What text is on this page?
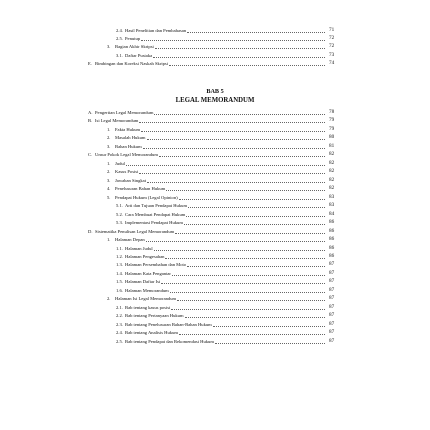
BAB 5
LEGAL MEMORANDUM
2.4. Hasil Penelitian dan Pembahasan	71
2.5. Penutup	72
3. Bagian Akhir Skripsi	72
3.1. Daftar Pustaka	73
E. Bimbingan dan Koreksi Naskah Skripsi	74
A. Pengertian Legal Memorandum	78
B. Isi Legal Memorandum	79
1. Fakta Hukum	79
2. Masalah Hukum	80
3. Bahan Hukum	81
C. Unsur Pokok Legal Memorandum	82
1. Judul	82
2. Kasus Posisi	82
3. Jawaban Singkat	82
4. Penelusuran Bahan Hukum	82
5. Pendapat Hukum (Legal Opinion)	83
5.1. Arti dan Tujuan Pendapat Hukum	83
5.2. Cara Membuat Pendapat Hukum	84
5.3. Implementasi Pendapat Hukum	86
D. Sistematika Penulisan Legal Memorandum	86
1. Halaman Depan	86
1.1. Halaman Judul	86
1.2. Halaman Pengesahan	86
1.3. Halaman Persembahan dan Moto	87
1.4. Halaman Kata Pengantar	87
1.5. Halaman Daftar Isi	87
1.6. Halaman Memorandum	87
2. Halaman Isi Legal Memorandum	87
2.1. Bab tentang kasus posisi	87
2.2. Bab tentang Pertanyaan Hukum	87
2.3. Bab tentang Penelusuran Bahan-Bahan Hukum	87
2.4. Bab tentang Analisis Hukum	87
2.5. Bab tentang Pendapat dan Rekomendasi Hukum	87
